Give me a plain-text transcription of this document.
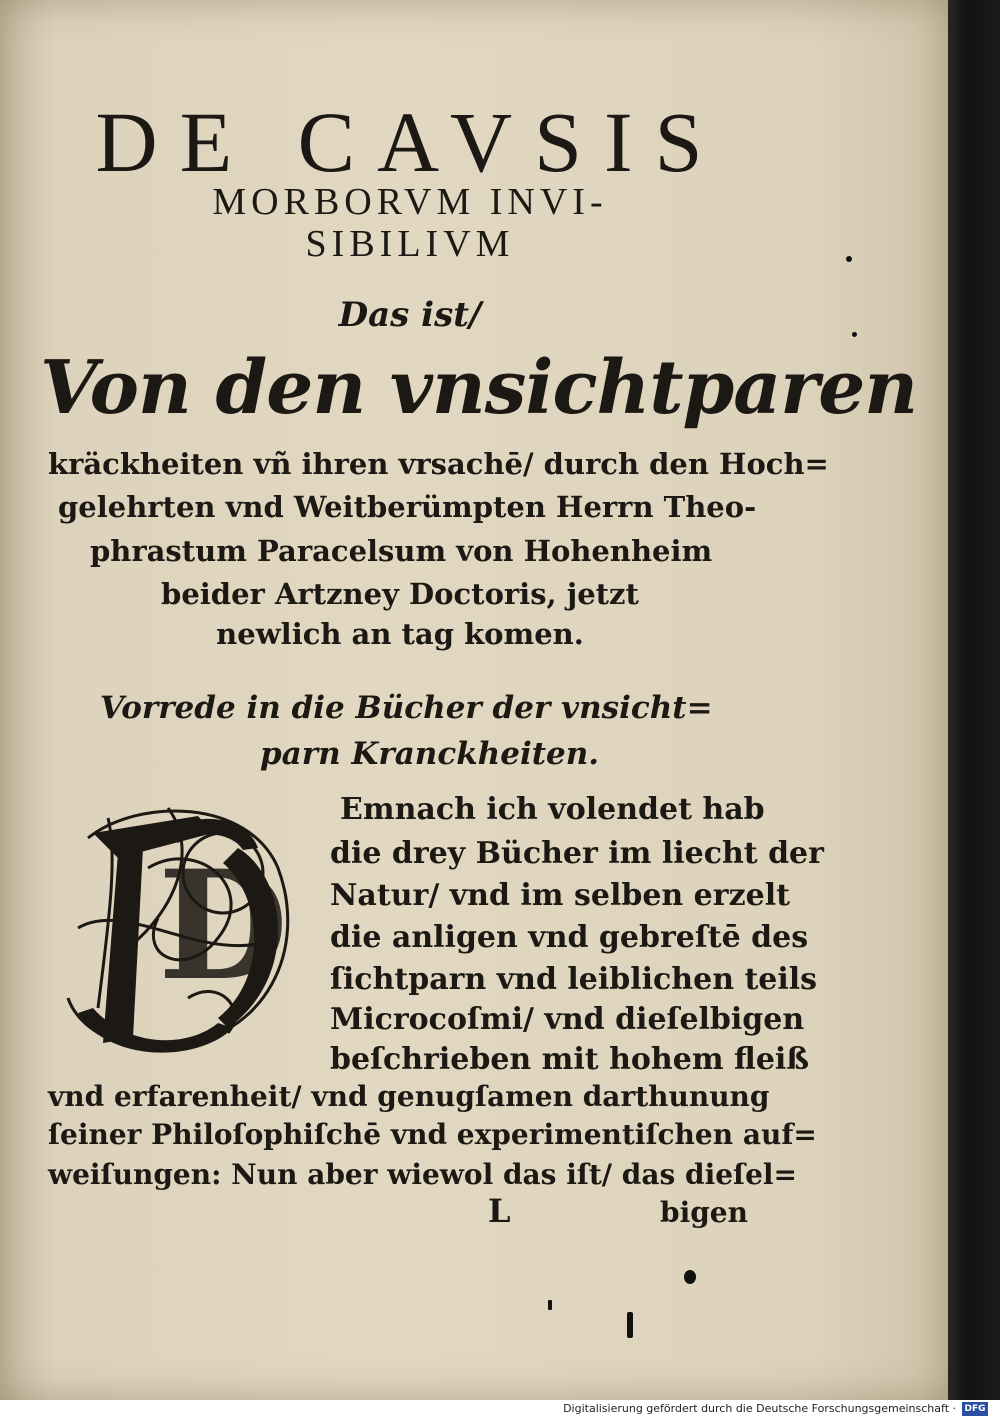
DE CAVSIS
MORBORVM INVI-
SIBILIVM
Das ist/
Von den vnsichtparen
kräckheiten vñ ihren vrsachē/ durch den Hoch=
gelehrten vnd Weitberümpten Herrn Theo-
phrastum Paracelsum von Hohenheim
beider Artzney Doctoris, jetzt
newlich an tag komen.
Vorrede in die Bücher der vnsicht=
parn Kranckheiten.
D
Emnach ich volendet hab
die drey Bücher im liecht der
Natur/ vnd im selben erzelt
die anligen vnd gebreſtē des
ſichtparn vnd leiblichen teils
Microcoſmi/ vnd dieſelbigen
beſchrieben mit hohem fleiß
vnd erfarenheit/ vnd genugſamen darthunung
ſeiner Philoſophiſchē vnd experimentiſchen auf=
weiſungen: Nun aber wiewol das iſt/ das dieſel=
L	bigen
Digitalisierung gefördert durch die Deutsche Forschungsgemeinschaft · DFG
